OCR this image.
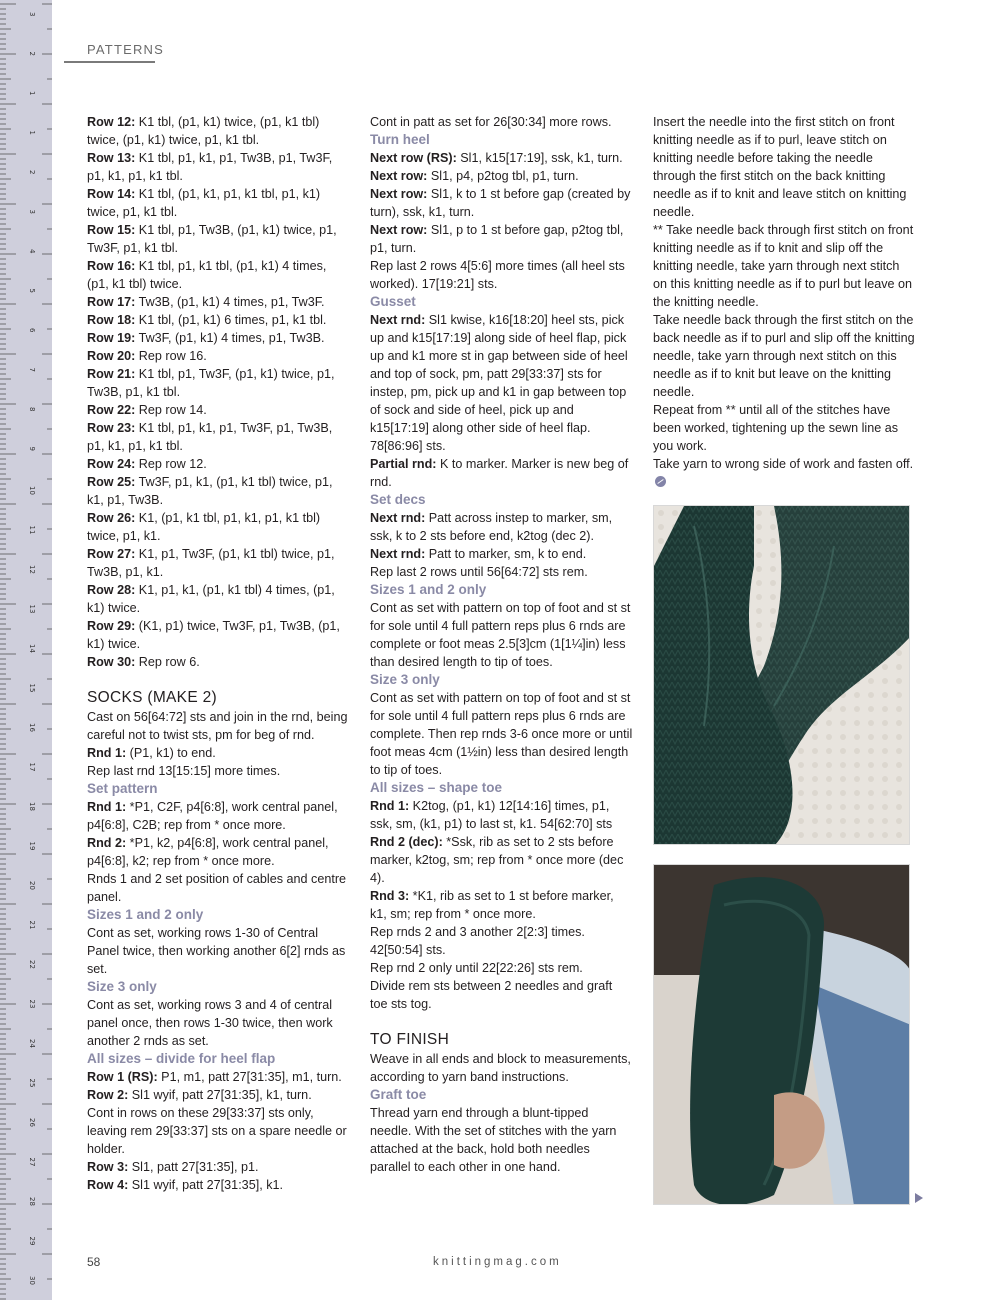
3
2
1
1
2
3
4
5
6
7
8
9
10
11
12
13
14
15
16
17
18
19
20
21
22
23
24
25
26
27
28
29
30
PATTERNS

Row 12: K1 tbl, (p1, k1) twice, (p1, k1 tbl) twice, (p1, k1) twice, p1, k1 tbl.

Row 13: K1 tbl, p1, k1, p1, Tw3B, p1, Tw3F, p1, k1, p1, k1 tbl.

Row 14: K1 tbl, (p1, k1, p1, k1 tbl, p1, k1) twice, p1, k1 tbl.

Row 15: K1 tbl, p1, Tw3B, (p1, k1) twice, p1, Tw3F, p1, k1 tbl.

Row 16: K1 tbl, p1, k1 tbl, (p1, k1) 4 times, (p1, k1 tbl) twice.

Row 17: Tw3B, (p1, k1) 4 times, p1, Tw3F.

Row 18: K1 tbl, (p1, k1) 6 times, p1, k1 tbl.

Row 19: Tw3F, (p1, k1) 4 times, p1, Tw3B.

Row 20: Rep row 16.

Row 21: K1 tbl, p1, Tw3F, (p1, k1) twice, p1, Tw3B, p1, k1 tbl.

Row 22: Rep row 14.

Row 23: K1 tbl, p1, k1, p1, Tw3F, p1, Tw3B, p1, k1, p1, k1 tbl.

Row 24: Rep row 12.

Row 25: Tw3F, p1, k1, (p1, k1 tbl) twice, p1, k1, p1, Tw3B.

Row 26: K1, (p1, k1 tbl, p1, k1, p1, k1 tbl) twice, p1, k1.

Row 27: K1, p1, Tw3F, (p1, k1 tbl) twice, p1, Tw3B, p1, k1.

Row 28: K1, p1, k1, (p1, k1 tbl) 4 times, (p1, k1) twice.

Row 29: (K1, p1) twice, Tw3F, p1, Tw3B, (p1, k1) twice.

Row 30: Rep row 6.

SOCKS (MAKE 2)

Cast on 56[64:72] sts and join in the rnd, being careful not to twist sts, pm for beg of rnd.

Rnd 1: (P1, k1) to end.

Rep last rnd 13[15:15] more times.

Set pattern

Rnd 1: *P1, C2F, p4[6:8], work central panel, p4[6:8], C2B; rep from * once more.

Rnd 2: *P1, k2, p4[6:8], work central panel, p4[6:8], k2; rep from * once more.

Rnds 1 and 2 set position of cables and centre panel.

Sizes 1 and 2 only

Cont as set, working rows 1-30 of Central Panel twice, then working another 6[2] rnds as set.

Size 3 only

Cont as set, working rows 3 and 4 of central panel once, then rows 1-30 twice, then work another 2 rnds as set.

All sizes – divide for heel flap

Row 1 (RS): P1, m1, patt 27[31:35], m1, turn.

Row 2: Sl1 wyif, patt 27[31:35], k1, turn.

Cont in rows on these 29[33:37] sts only, leaving rem 29[33:37] sts on a spare needle or holder.

Row 3: Sl1, patt 27[31:35], p1.

Row 4: Sl1 wyif, patt 27[31:35], k1.

Cont in patt as set for 26[30:34] more rows.

Turn heel

Next row (RS): Sl1, k15[17:19], ssk, k1, turn.

Next row: Sl1, p4, p2tog tbl, p1, turn.

Next row: Sl1, k to 1 st before gap (created by turn), ssk, k1, turn.

Next row: Sl1, p to 1 st before gap, p2tog tbl, p1, turn.

Rep last 2 rows 4[5:6] more times (all heel sts worked). 17[19:21] sts.

Gusset

Next rnd: Sl1 kwise, k16[18:20] heel sts, pick up and k15[17:19] along side of heel flap, pick up and k1 more st in gap between side of heel and top of sock, pm, patt 29[33:37] sts for instep, pm, pick up and k1 in gap between top of sock and side of heel, pick up and k15[17:19] along other side of heel flap. 78[86:96] sts.

Partial rnd: K to marker. Marker is new beg of rnd.

Set decs

Next rnd: Patt across instep to marker, sm, ssk, k to 2 sts before end, k2tog (dec 2).

Next rnd: Patt to marker, sm, k to end.

Rep last 2 rows until 56[64:72] sts rem.

Sizes 1 and 2 only

Cont as set with pattern on top of foot and st st for sole until 4 full pattern reps plus 6 rnds are complete or foot meas 2.5[3]cm (1[1¼]in) less than desired length to tip of toes.

Size 3 only

Cont as set with pattern on top of foot and st st for sole until 4 full pattern reps plus 6 rnds are complete. Then rep rnds 3-6 once more or until foot meas 4cm (1½in) less than desired length to tip of toes.

All sizes – shape toe

Rnd 1: K2tog, (p1, k1) 12[14:16] times, p1, ssk, sm, (k1, p1) to last st, k1. 54[62:70] sts

Rnd 2 (dec): *Ssk, rib as set to 2 sts before marker, k2tog, sm; rep from * once more (dec 4).

Rnd 3: *K1, rib as set to 1 st before marker, k1, sm; rep from * once more.

Rep rnds 2 and 3 another 2[2:3] times. 42[50:54] sts.

Rep rnd 2 only until 22[22:26] sts rem.

Divide rem sts between 2 needles and graft toe sts tog.

TO FINISH

Weave in all ends and block to measurements, according to yarn band instructions.

Graft toe

Thread yarn end through a blunt-tipped needle. With the set of stitches with the yarn attached at the back, hold both needles parallel to each other in one hand.

Insert the needle into the first stitch on front knitting needle as if to purl, leave stitch on knitting needle before taking the needle through the first stitch on the back knitting needle as if to knit and leave stitch on knitting needle.

** Take needle back through first stitch on front knitting needle as if to knit and slip off the knitting needle, take yarn through next stitch on this knitting needle as if to purl but leave on the knitting needle.

Take needle back through the first stitch on the back needle as if to purl and slip off the knitting needle, take yarn through next stitch on this needle as if to knit but leave on the knitting needle.

Repeat from ** until all of the stitches have been worked, tightening up the sewn line as you work.

Take yarn to wrong side of work and fasten off.

58	knittingmag.com
